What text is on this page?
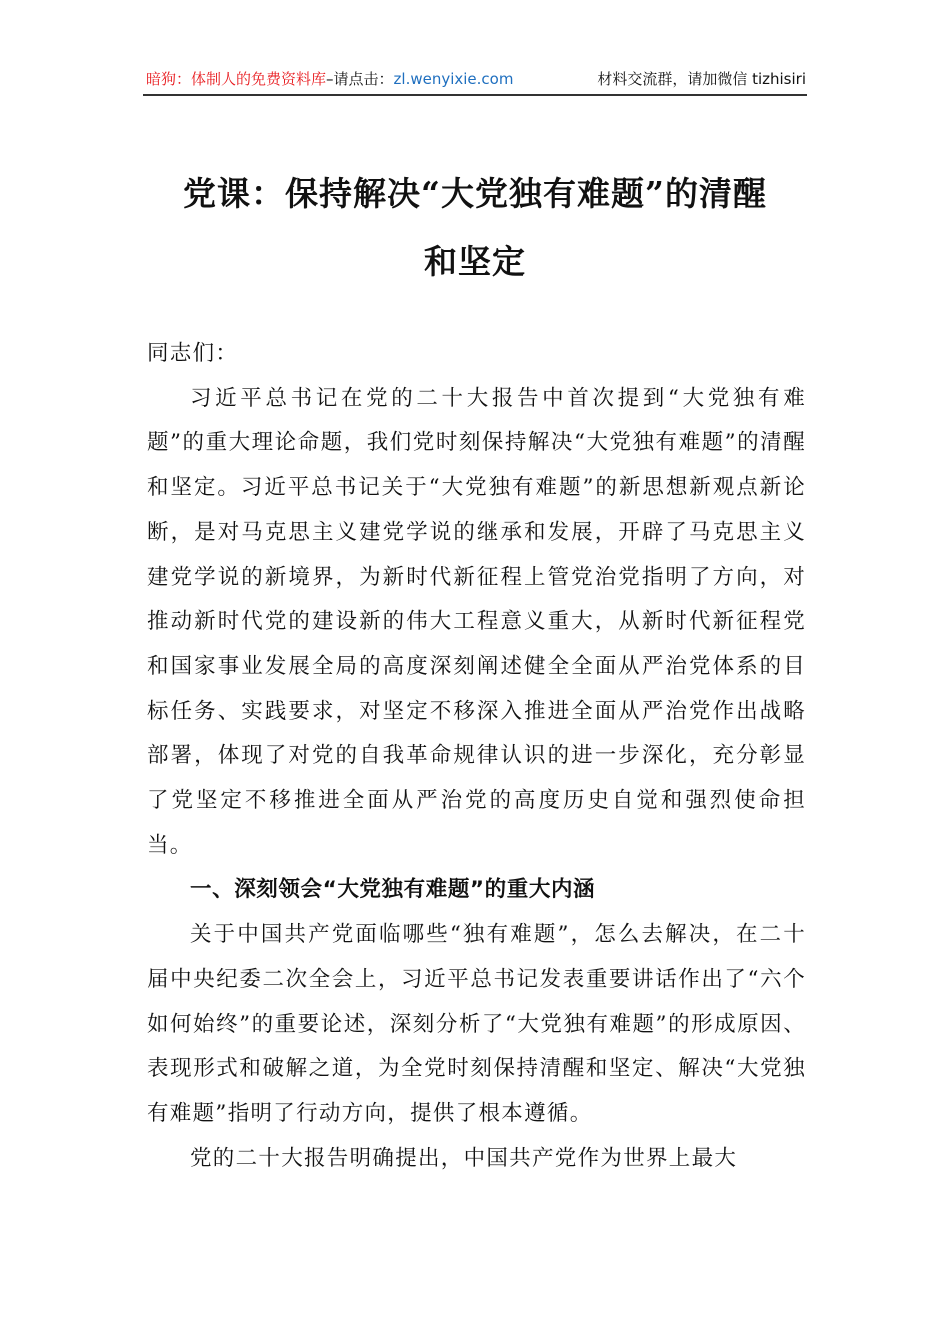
暗狗：体制人的免费资料库–请点击：zl.wenyixie.com	材料交流群，请加微信 tizhisiri
党课：保持解决“大党独有难题”的清醒
和坚定

同志们：

习近平总书记在党的二十大报告中首次提到“大党独有难题”的重大理论命题，我们党时刻保持解决“大党独有难题”的清醒和坚定。习近平总书记关于“大党独有难题”的新思想新观点新论断，是对马克思主义建党学说的继承和发展，开辟了马克思主义建党学说的新境界，为新时代新征程上管党治党指明了方向，对推动新时代党的建设新的伟大工程意义重大，从新时代新征程党和国家事业发展全局的高度深刻阐述健全全面从严治党体系的目标任务、实践要求，对坚定不移深入推进全面从严治党作出战略部署，体现了对党的自我革命规律认识的进一步深化，充分彰显了党坚定不移推进全面从严治党的高度历史自觉和强烈使命担当。

一、深刻领会“大党独有难题”的重大内涵

关于中国共产党面临哪些“独有难题”，怎么去解决，在二十届中央纪委二次全会上，习近平总书记发表重要讲话作出了“六个如何始终”的重要论述，深刻分析了“大党独有难题”的形成原因、表现形式和破解之道，为全党时刻保持清醒和坚定、解决“大党独有难题”指明了行动方向，提供了根本遵循。

党的二十大报告明确提出，中国共产党作为世界上最大
